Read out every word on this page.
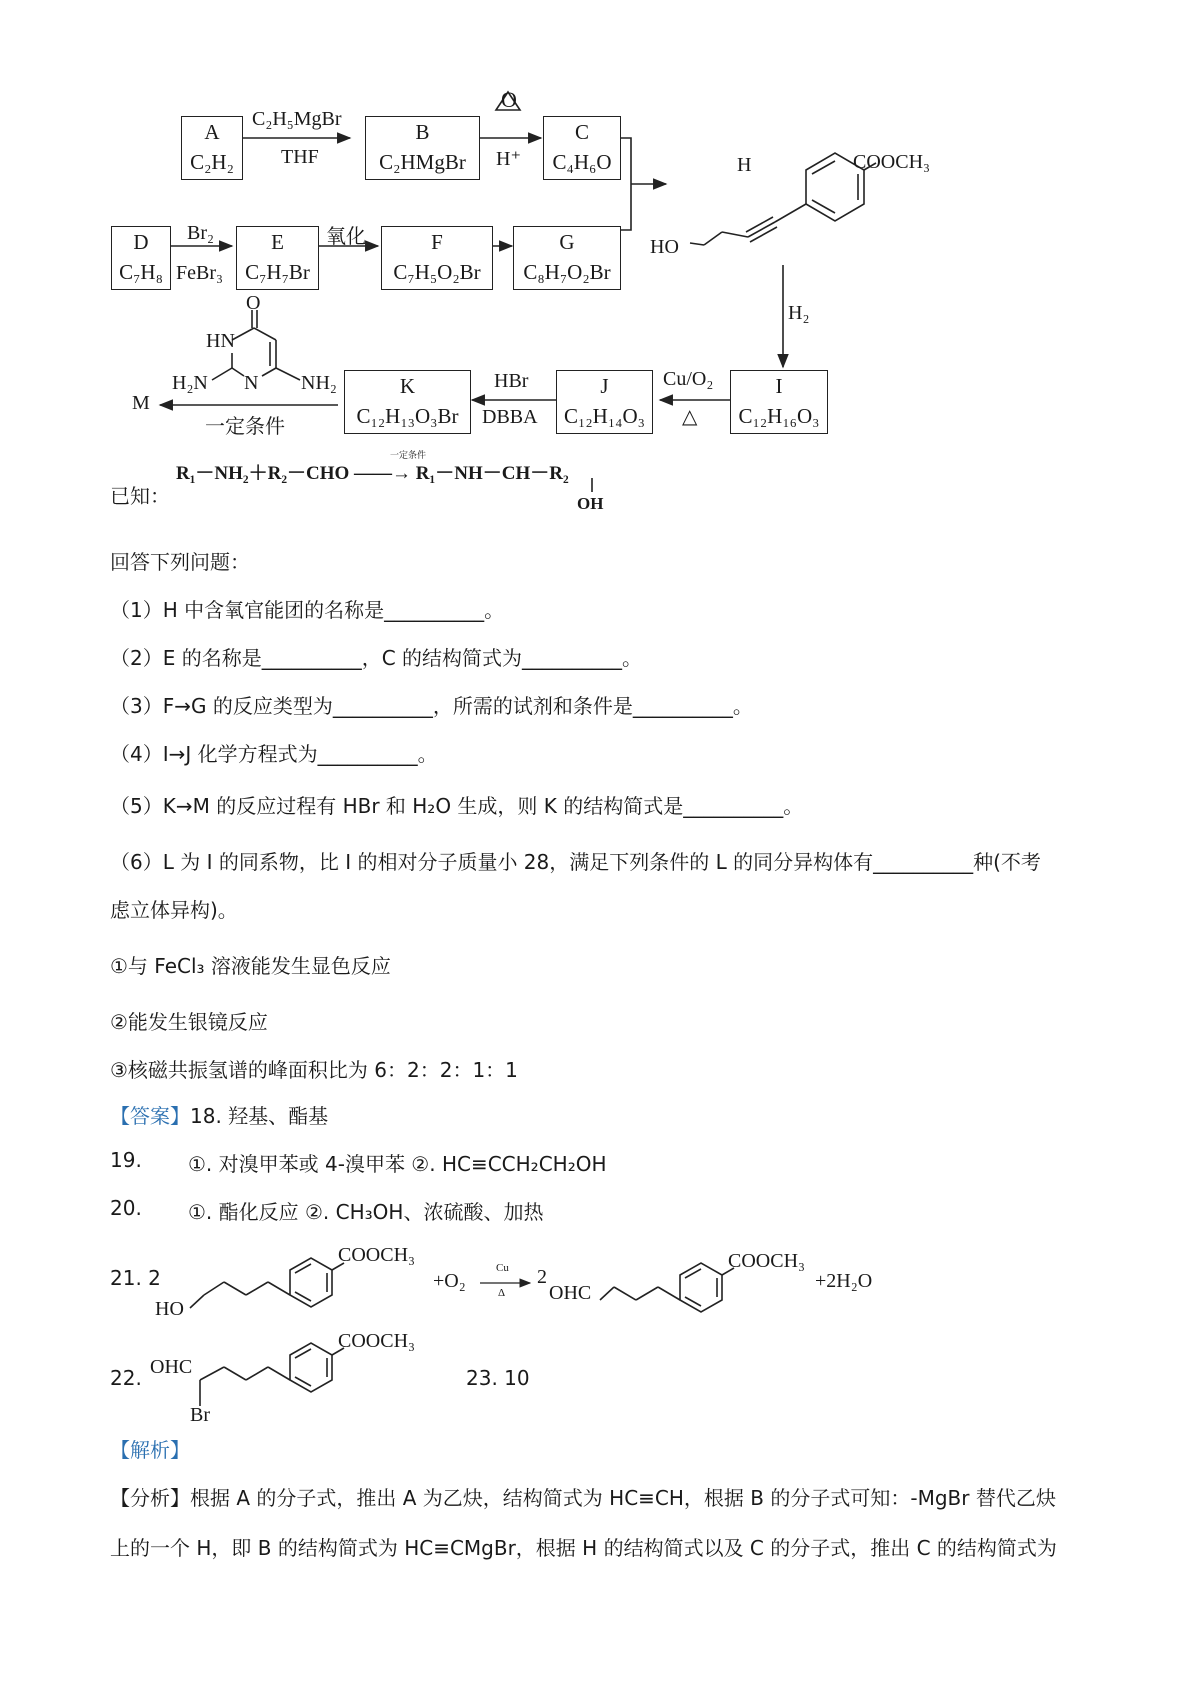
A
C₂H₂
C₂H₅MgBr
THF
B
C₂HMgBr
O
H⁺
C
C₄H₆O
D
C₇H₈
Br₂
FeBr₃
E
C₇H₇Br
氧化	F
C₇H₅O₂Br
G
C₈H₇O₂Br
H	COOCH₃
HO
H₂
I
C₁₂H₁₆O₃
Cu/O₂
△
J
C₁₂H₁₄O₃
HBr
DBBA
K
C₁₂H₁₃O₃Br
M
一定条件
O
HN
N
H₂N	NH₂
已知：
R₁－NH₂＋R₂－CHO ——→ R₁－NH－CH－R₂
一定条件
OH
回答下列问题：
（1）H 中含氧官能团的名称是__________。
（2）E 的名称是__________，C 的结构简式为__________。
（3）F→G 的反应类型为__________，所需的试剂和条件是__________。
（4）I→J 化学方程式为__________。
（5）K→M 的反应过程有 HBr 和 H₂O 生成，则 K 的结构简式是__________。
（6）L 为 I 的同系物，比 I 的相对分子质量小 28，满足下列条件的 L 的同分异构体有__________种(不考
虑立体异构)。
①与 FeCl₃ 溶液能发生显色反应
②能发生银镜反应
③核磁共振氢谱的峰面积比为 6：2：2：1：1
【答案】18. 羟基、酯基
19. ①. 对溴甲苯或 4-溴甲苯 ②. HC≡CCH₂CH₂OH
20. ①. 酯化反应 ②. CH₃OH、浓硫酸、加热
21. 2
HO
COOCH₃
+O₂
Cu
Δ
2
OHC
COOCH₃
+2H₂O
22. OHC
Br
COOCH₃
23. 10
【解析】
【分析】根据 A 的分子式，推出 A 为乙炔，结构简式为 HC≡CH，根据 B 的分子式可知：-MgBr 替代乙炔
上的一个 H，即 B 的结构简式为 HC≡CMgBr，根据 H 的结构简式以及 C 的分子式，推出 C 的结构简式为
